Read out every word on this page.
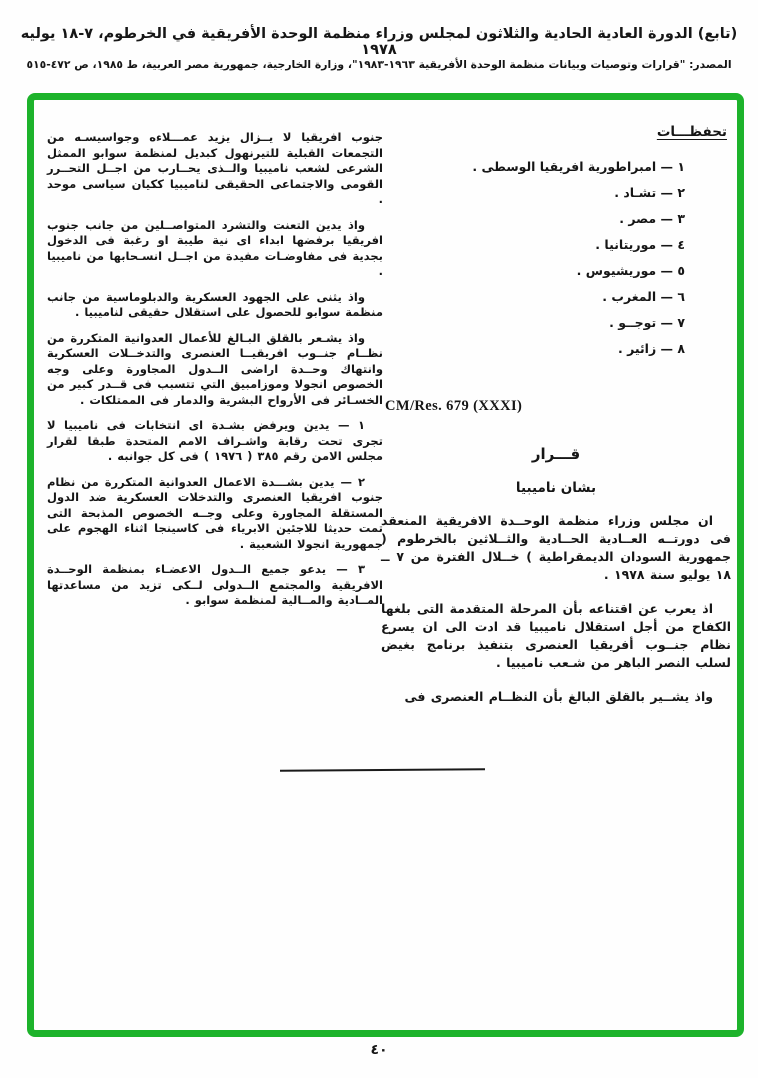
(تابع) الدورة العادية الحادية والثلاثون لمجلس وزراء منظمة الوحدة الأفريقية في الخرطوم، ٧-١٨ يوليه ١٩٧٨
المصدر: "قرارات وتوصيات وبيانات منظمة الوحدة الأفريقية ١٩٦٣-١٩٨٣"، وزارة الخارجية، جمهورية مصر العربية، ط ١٩٨٥، ص ٤٧٢-٥١٥
تحفظـــات
١ — امبراطورية افريقيا الوسطى .
٢ — تشـاد .
٣ — مصر .
٤ — موريتانيا .
٥ — موريشيوس .
٦ — المغرب .
٧ — توجــو .
٨ — زائير .
CM/Res. 679 (XXXI)
قـــرار
بشان ناميبيا
ان مجلس وزراء منظمة الوحــدة الافريقية المنعقد فى دورتــه العــادية الحــادية والثــلاثين بالخرطوم ( جمهورية السودان الديمقراطية ) خــلال الفترة من ٧ ــ ١٨ يوليو سنة ١٩٧٨ .
اذ يعرب عن اقتناعه بأن المرحلة المتقدمة التى بلغها الكفاح من أجل استقلال ناميبيا قد ادت الى ان يسرع نظام جنــوب أفريقيا العنصرى بتنفيذ برنامج بغيض لسلب النصر الباهر من شـعب ناميبيا .
واذ يشــير بالقلق البالغ بأن النظــام العنصرى فى
جنوب افريقيا لا يــزال يزيد عمـــلاءه وجواسيسـه من التجمعات القبلية للتيرنهول كبديل لمنظمة سوابو الممثل الشرعى لشعب ناميبيا والــذى يحــارب من اجــل التحــرر القومى والاجتماعى الحقيقى لناميبيا ككيان سياسى موحد .
واذ يدين التعنت والتشرد المتواصــلين من جانب جنوب افريقيا برفضها ابداء اى نية طيبة او رغبة فى الدخول بجدية فى مفاوضـات مفيدة من اجــل انسـحابها من ناميبيا .
واذ يثنى على الجهود العسكرية والدبلوماسية من جانب منظمة سوابو للحصول على استقلال حقيقى لناميبيا .
واذ يشـعر بالقلق البـالغ للأعمال العدوانية المتكررة من نظــام جنــوب افريقيــا العنصرى والتدخــلات العسكرية وانتهاك وحــدة اراضى الــدول المجاورة وعلى وجه الخصوص انجولا وموزامبيق التي تتسبب فى قــدر كبير من الخسـائر فى الأرواح البشرية والدمار فى الممتلكات .
١ — يدين ويرفض بشـدة اى انتخابات فى ناميبيا لا تجرى تحت رقابة واشـراف الامم المتحدة طبقا لقرار مجلس الامن رقم ٣٨٥ ( ١٩٧٦ ) فى كل جوانبه .
٢ — يدين بشـــدة الاعمال العدوانية المتكررة من نظام جنوب افريقيا العنصرى والتدخلات العسكرية ضد الدول المستقلة المجاورة وعلى وجــه الخصوص المذبحة التى تمت حديثا للاجئين الابرياء فى كاسينجا اثناء الهجوم على جمهورية انجولا الشعبية .
٣ — يدعو جميع الــدول الاعضـاء بمنظمة الوحــدة الافريقية والمجتمع الــدولى لــكى تزيد من مساعدتها المــادية والمــالية لمنظمة سوابو .
٤٠
